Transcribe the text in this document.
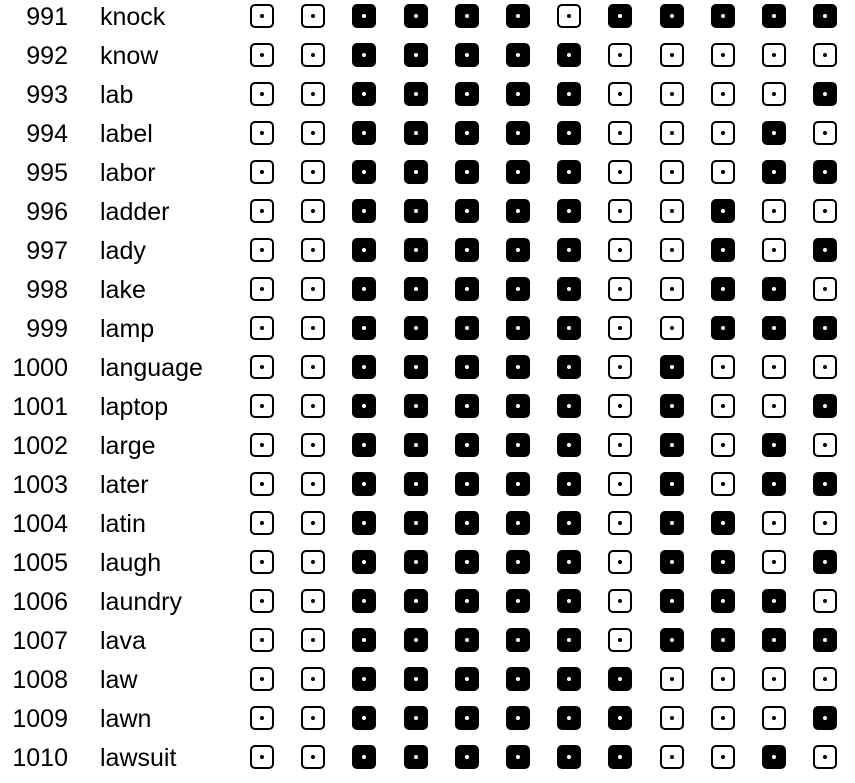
991 knock
992 know
993 lab
994 label
995 labor
996 ladder
997 lady
998 lake
999 lamp
1000 language
1001 laptop
1002 large
1003 later
1004 latin
1005 laugh
1006 laundry
1007 lava
1008 law
1009 lawn
1010 lawsuit
